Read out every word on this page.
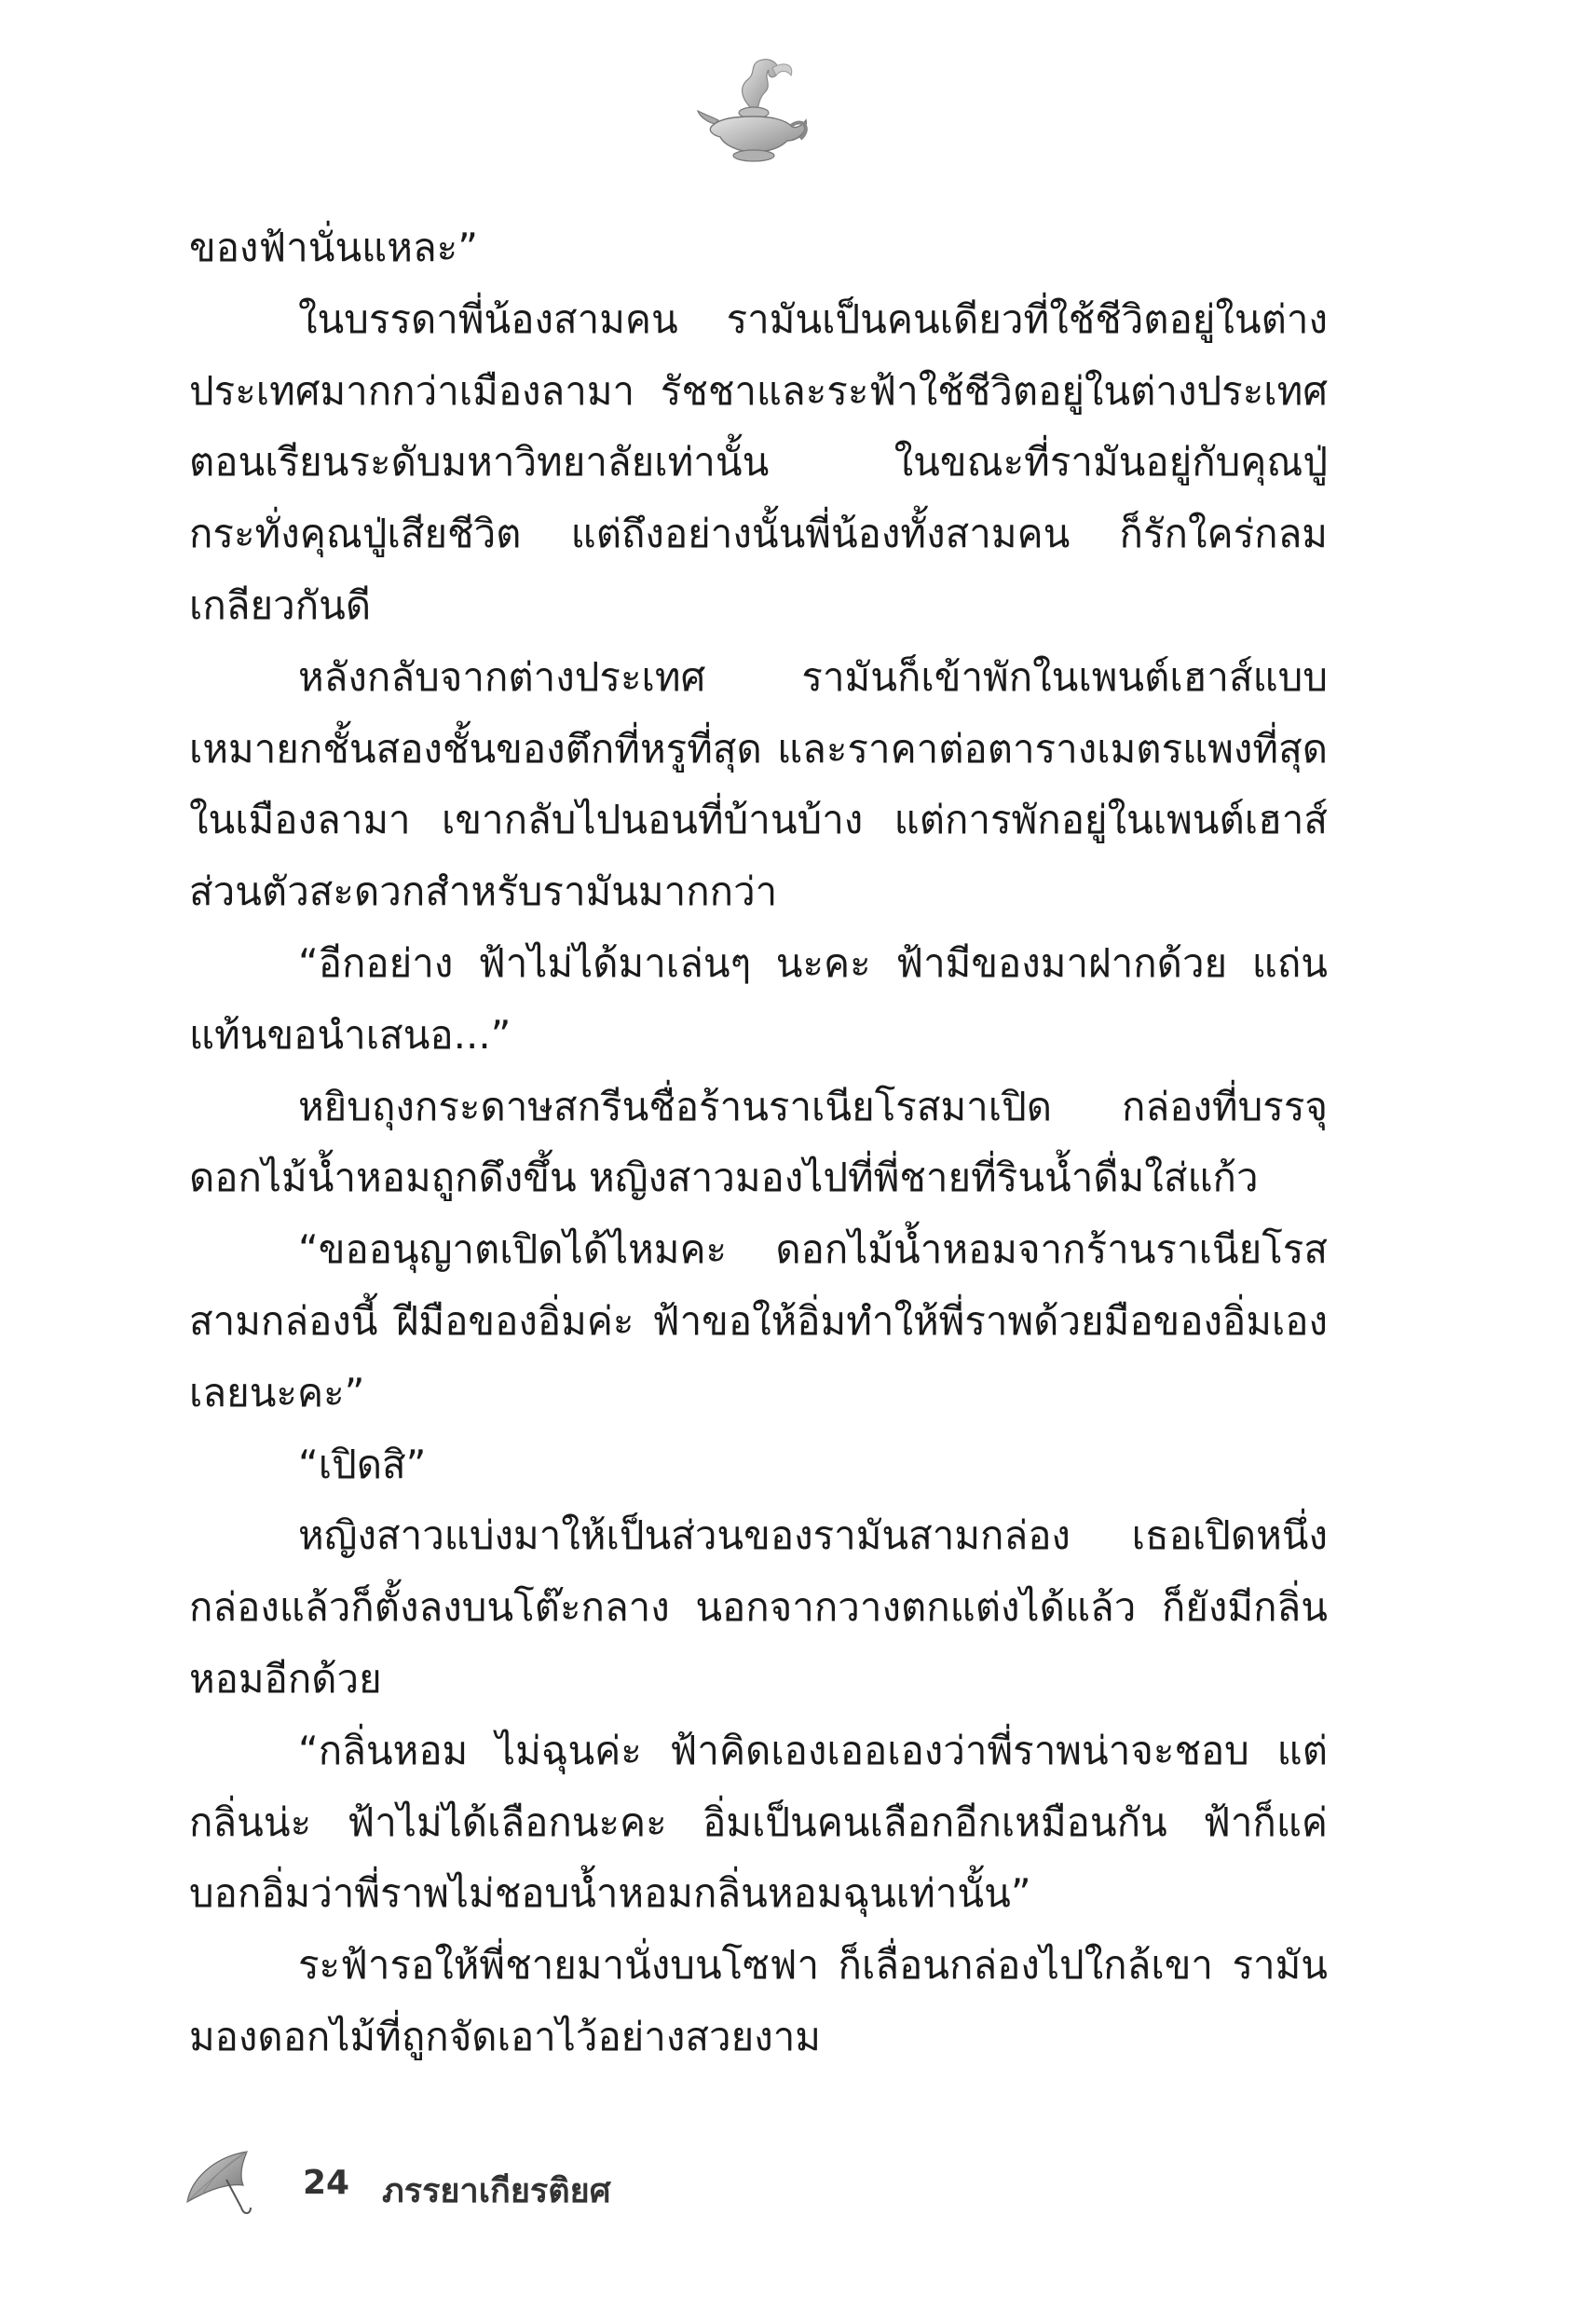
ของฟ้านั่นแหละ”

ในบรรดาพี่น้องสามคน รามันเป็นคนเดียวที่ใช้ชีวิตอยู่ในต่างประเทศมากกว่าเมืองลามา รัชชาและระฟ้าใช้ชีวิตอยู่ในต่างประเทศตอนเรียนระดับมหาวิทยาลัยเท่านั้น ในขณะที่รามันอยู่กับคุณปู่ กระทั่งคุณปู่เสียชีวิต แต่ถึงอย่างนั้นพี่น้องทั้งสามคน ก็รักใคร่กลมเกลียวกันดี

หลังกลับจากต่างประเทศ รามันก็เข้าพักในเพนต์เฮาส์แบบเหมายกชั้นสองชั้นของตึกที่หรูที่สุด และราคาต่อตารางเมตรแพงที่สุดในเมืองลามา เขากลับไปนอนที่บ้านบ้าง แต่การพักอยู่ในเพนต์เฮาส์ส่วนตัวสะดวกสำหรับรามันมากกว่า

“อีกอย่าง ฟ้าไม่ได้มาเล่นๆ นะคะ ฟ้ามีของมาฝากด้วย แถ่นแท้นขอนำเสนอ...”

หยิบถุงกระดาษสกรีนชื่อร้านราเนียโรสมาเปิด กล่องที่บรรจุดอกไม้น้ำหอมถูกดึงขึ้น หญิงสาวมองไปที่พี่ชายที่รินน้ำดื่มใส่แก้ว

“ขออนุญาตเปิดได้ไหมคะ ดอกไม้น้ำหอมจากร้านราเนียโรสสามกล่องนี้ ฝีมือของอิ่มค่ะ ฟ้าขอให้อิ่มทำให้พี่ราพด้วยมือของอิ่มเองเลยนะคะ”

“เปิดสิ”

หญิงสาวแบ่งมาให้เป็นส่วนของรามันสามกล่อง เธอเปิดหนึ่งกล่องแล้วก็ตั้งลงบนโต๊ะกลาง นอกจากวางตกแต่งได้แล้ว ก็ยังมีกลิ่นหอมอีกด้วย

“กลิ่นหอม ไม่ฉุนค่ะ ฟ้าคิดเองเออเองว่าพี่ราพน่าจะชอบ แต่กลิ่นน่ะ ฟ้าไม่ได้เลือกนะคะ อิ่มเป็นคนเลือกอีกเหมือนกัน ฟ้าก็แค่บอกอิ่มว่าพี่ราพไม่ชอบน้ำหอมกลิ่นหอมฉุนเท่านั้น”

ระฟ้ารอให้พี่ชายมานั่งบนโซฟา ก็เลื่อนกล่องไปใกล้เขา รามันมองดอกไม้ที่ถูกจัดเอาไว้อย่างสวยงาม

24 ภรรยาเกียรติยศ
